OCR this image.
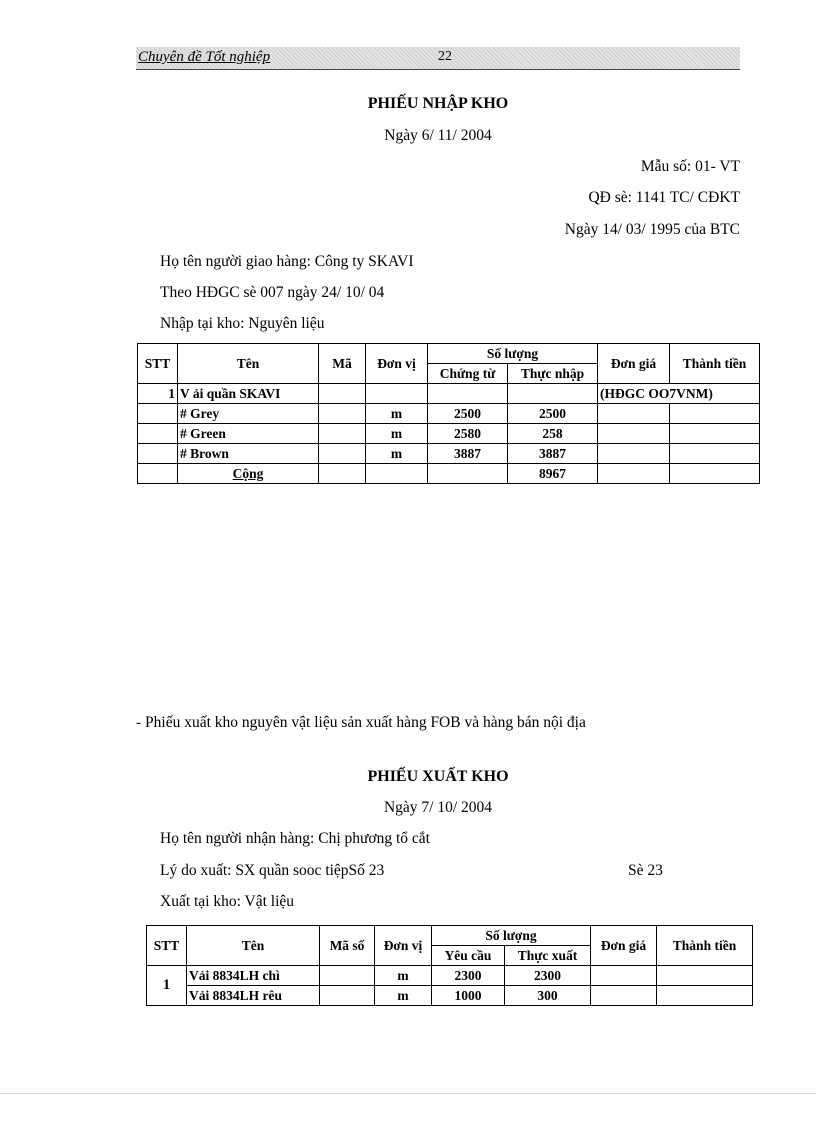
Chuyên đề Tốt nghiệp	22
PHIẾU NHẬP KHO
Ngày 6/ 11/ 2004
Mẫu số: 01- VT
QĐ sè: 1141 TC/ CĐKT
Ngày 14/ 03/ 1995 của BTC
Họ tên người giao hàng: Công ty SKAVI
Theo HĐGC sè 007 ngày 24/ 10/ 04
Nhập tại kho: Nguyên liệu
STT	Tên	Mã	Đơn vị	Số lượng		Đơn giá	Thành tiền
				Chứng từ	Thực nhập		
1	V ải quần SKAVI					(HĐGC OO7VNM)	
	# Grey		m	2500	2500		
	# Green		m	2580	258		
	# Brown		m	3887	3887		
	Cộng				8967		
- Phiếu xuất kho nguyên vật liệu sản xuất hàng FOB và hàng bán nội địa
PHIẾU XUẤT KHO
Ngày 7/ 10/ 2004
Họ tên người nhận hàng: Chị phương tổ cắt
Lý do xuất: SX quần sooc tiệpSố 23	Sè 23
Xuất tại kho: Vật liệu
STT	Tên	Mã số	Đơn vị	Số lượng		Đơn giá	Thành tiền
				Yêu cầu	Thực xuất		
1	Vải 8834LH chì		m	2300	2300		
	Vải 8834LH rêu		m	1000	300		
